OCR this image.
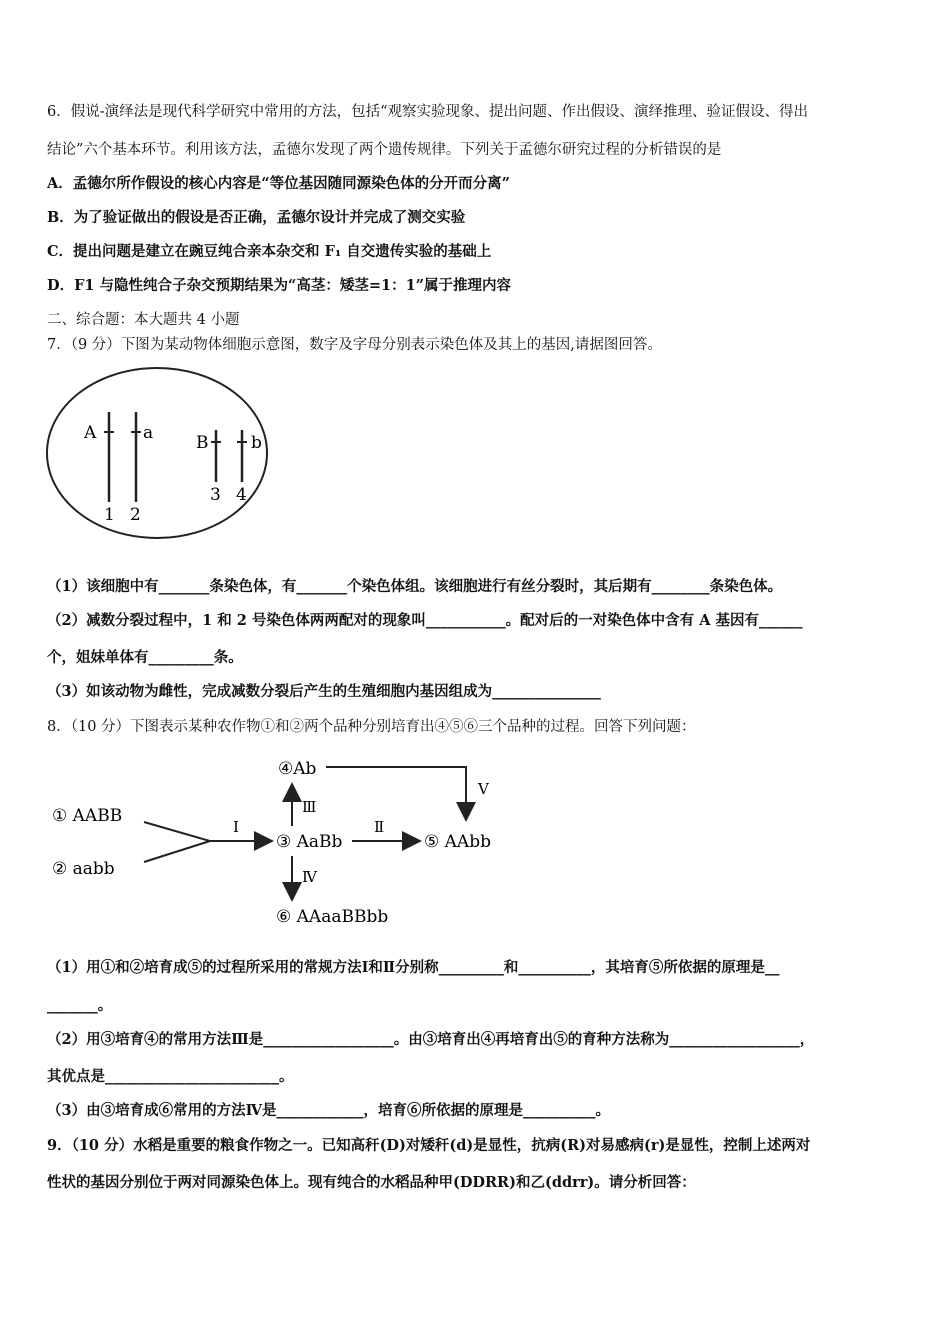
6．假说-演绎法是现代科学研究中常用的方法，包括“观察实验现象、提出问题、作出假设、演绎推理、验证假设、得出
结论”六个基本环节。利用该方法，孟德尔发现了两个遗传规律。下列关于孟德尔研究过程的分析错误的是
A．孟德尔所作假设的核心内容是“等位基因随同源染色体的分开而分离”
B．为了验证做出的假设是否正确，孟德尔设计并完成了测交实验
C．提出问题是建立在豌豆纯合亲本杂交和 F₁ 自交遗传实验的基础上
D．F1 与隐性纯合子杂交预期结果为“高茎：矮茎=1：1”属于推理内容
二、综合题：本大题共 4 小题
7．（9 分）下图为某动物体细胞示意图，数字及字母分别表示染色体及其上的基因,请据图回答。
A
1
a
2
B
3
b
4
（1）该细胞中有_______条染色体，有_______个染色体组。该细胞进行有丝分裂时，其后期有________条染色体。
（2）减数分裂过程中，1 和 2 号染色体两两配对的现象叫___________。配对后的一对染色体中含有 A 基因有______
个，姐妹单体有_________条。
（3）如该动物为雌性，完成减数分裂后产生的生殖细胞内基因组成为_______________
8．（10 分）下图表示某种农作物①和②两个品种分别培育出④⑤⑥三个品种的过程。回答下列问题：
① AABB
② aabb
Ⅰ
③ AaBb
Ⅱ
⑤ AAbb
Ⅲ
④Ab
Ⅴ
Ⅳ
⑥ AAaaBBbb
（1）用①和②培育成⑤的过程所采用的常规方法Ⅰ和Ⅱ分别称_________和__________，其培育⑤所依据的原理是__
_______。
（2）用③培育④的常用方法Ⅲ是__________________。由③培育出④再培育出⑤的育种方法称为__________________，
其优点是________________________。
（3）由③培育成⑥常用的方法Ⅳ是____________，培育⑥所依据的原理是__________。
9．（10 分）水稻是重要的粮食作物之一。已知高秆(D)对矮秆(d)是显性，抗病(R)对易感病(r)是显性，控制上述两对
性状的基因分别位于两对同源染色体上。现有纯合的水稻品种甲(DDRR)和乙(ddrr)。请分析回答：
